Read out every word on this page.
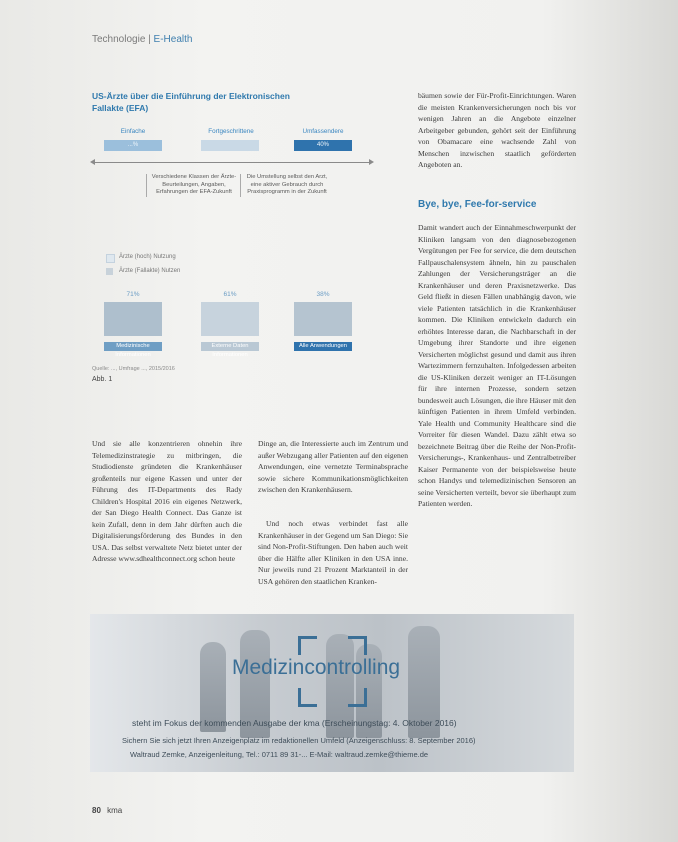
Technologie | E-Health
US-Ärzte über die Einführung der Elektronischen Fallakte (EFA)
Einfache	Fortgeschrittene	Umfassendere
...%	40%
Verschiedene Klassen der Ärzte-Beurteilungen, Angaben, Erfahrungen der EFA-Zukunft
Die Umstellung selbst den Arzt, eine aktiver Gebrauch durch Praxisprogramm in der Zukunft
Ärzte (hoch) Nutzung
Ärzte (Fallakte) Nutzen
71%	61%	38%
Medizinische Informationen
Externe Daten Informationen
Alle Anwendungen
Quelle: ..., Umfrage ..., 2015/2016
Abb. 1
bäumen sowie der Für-Profit-Einrichtungen. Waren die meisten Krankenversicherungen noch bis vor wenigen Jahren an die Angebote einzelner Arbeitgeber gebunden, gehört seit der Einführung von Obamacare eine wachsende Zahl von Menschen inzwischen staatlich geförderten Angeboten an.
Bye, bye, Fee-for-service
Damit wandert auch der Einnahmeschwerpunkt der Kliniken langsam von den diagnosebezogenen Vergütungen per Fee for service, die dem deutschen Fallpauschalensystem ähneln, hin zu pauschalen Zahlungen der Versicherungsträger an die Krankenhäuser und deren Praxisnetzwerke. Das Geld fließt in diesen Fällen unabhängig davon, wie viele Patienten tatsächlich in die Krankenhäuser kommen. Die Kliniken entwickeln dadurch ein erhöhtes Interesse daran, die Nachbarschaft in der Umgebung ihrer Standorte und ihre eigenen Versicherten möglichst gesund und damit aus ihren Wartezimmern fernzuhalten. Infolgedessen arbeiten die US-Kliniken derzeit weniger an IT-Lösungen für ihre internen Prozesse, sondern setzen bundesweit auch Lösungen, die ihre Häuser mit den künftigen Patienten in ihrem Umfeld verbinden. Yale Health und Community Healthcare sind die Vorreiter für diesen Wandel. Dazu zählt etwa so bezeichnete Beitrag über die Reihe der Non-Profit-Versicherungs-, Krankenhaus- und Zentralbetreiber Kaiser Permanente von der beispielsweise heute schon Handys und telemedizinischen Sensoren an seine Versicherten verteilt, bevor sie überhaupt zum Patienten werden.
Und sie alle konzentrieren ohnehin ihre Telemedizinstrategie zu mitbringen, die Studiodienste gründeten die Krankenhäuser großenteils nur eigene Kassen und unter der Führung des IT-Departments des Rady Children's Hospital 2016 ein eigenes Netzwerk, der San Diego Health Connect. Das Ganze ist kein Zufall, denn in dem Jahr dürften auch die Digitalisierungsförderung des Bundes in den USA. Das selbst verwaltete Netz bietet unter der Adresse www.sdhealthconnect.org schon heute
Dinge an, die Interessierte auch im Zentrum und außer Webzugang aller Patienten auf den eigenen Anwendungen, eine vernetzte Terminabsprache sowie sichere Kommunikationsmöglichkeiten zwischen den Krankenhäusern.
Und noch etwas verbindet fast alle Krankenhäuser in der Gegend um San Diego: Sie sind Non-Profit-Stiftungen. Den haben auch weit über die Hälfte aller Kliniken in den USA inne. Nur jeweils rund 21 Prozent Marktanteil in der USA gehören den staatlichen Kranken-
Medizincontrolling
steht im Fokus der kommenden Ausgabe der kma (Erscheinungstag: 4. Oktober 2016)
Sichern Sie sich jetzt Ihren Anzeigenplatz im redaktionellen Umfeld (Anzeigenschluss: 8. September 2016)
Waltraud Zemke, Anzeigenleitung, Tel.: 0711 89 31-... E-Mail: waltraud.zemke@thieme.de
80 kma
